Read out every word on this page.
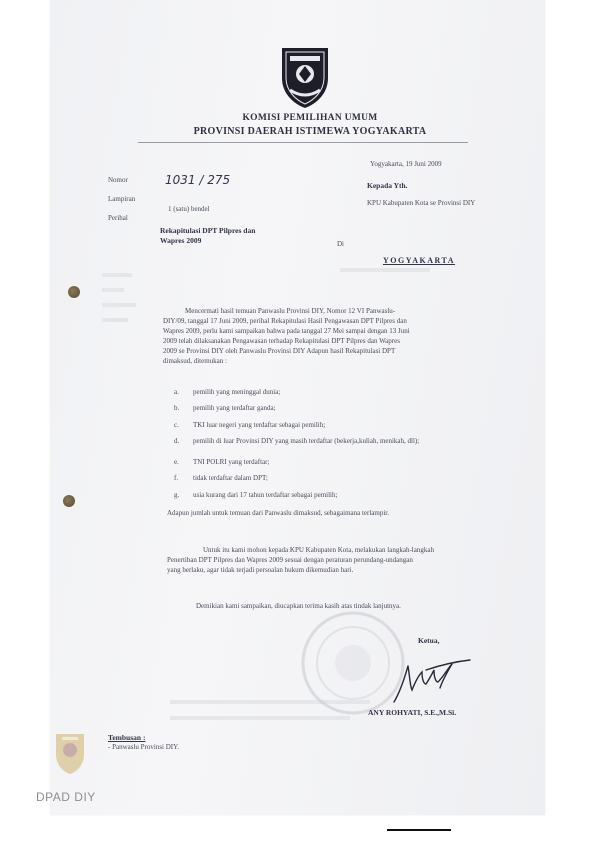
KOMISI PEMILIHAN UMUM
PROVINSI DAERAH ISTIMEWA YOGYAKARTA
Yogyakarta, 19 Juni 2009
Nomor	1031 / 275
Lampiran
1 (satu) bendel
Perihal
Rekapitulasi DPT Pilpres dan
Wapres 2009
Kepada Yth.
KPU Kabupaten Kota se Provinsi DIY
Di
YOGYAKARTA
Mencermati hasil temuan Panwaslu Provinsi DIY, Nomor 12 VI Panwaslu-
DIY/09, tanggal 17 Juni 2009, perihal Rekapitulasi Hasil Pengawasan DPT Pilpres dan
Wapres 2009, perlu kami sampaikan bahwa pada tanggal 27 Mei sampai dengan 13 Juni
2009 telah dilaksanakan Pengawasan terhadap Rekapitulasi DPT Pilpres dan Wapres
2009 se Provinsi DIY oleh Panwaslu Provinsi DIY Adapun hasil Rekapitulasi DPT
dimaksud, ditemukan :
a. pemilih yang meninggal dunia;
b. pemilih yang terdaftar ganda;
c. TKI luar negeri yang terdaftar sebagai pemilih;
d. pemilih di luar Provinsi DIY yang masih terdaftar (bekerja,kuliah, menikah, dll);
e. TNI POLRI yang terdaftar;
f. tidak terdaftar dalam DPT;
g. usia kurang dari 17 tahun terdaftar sebagai pemilih;
Adapun jumlah untuk temuan dari Panwaslu dimaksud, sebagaimana terlampir.
Untuk itu kami mohon kepada KPU Kabupaten Kota, melakukan langkah-langkah
Penertiban DPT Pilpres dan Wapres 2009 sesuai dengan peraturan perundang-undangan
yang berlaku, agar tidak terjadi persoalan hukum dikemudian hari.
Demikian kami sampaikan, diucapkan terima kasih atas tindak lanjutnya.
Ketua,
ANY ROHYATI, S.E.,M.Si.
Tembusan :
- Panwaslu Provinsi DIY.
DPAD DIY
